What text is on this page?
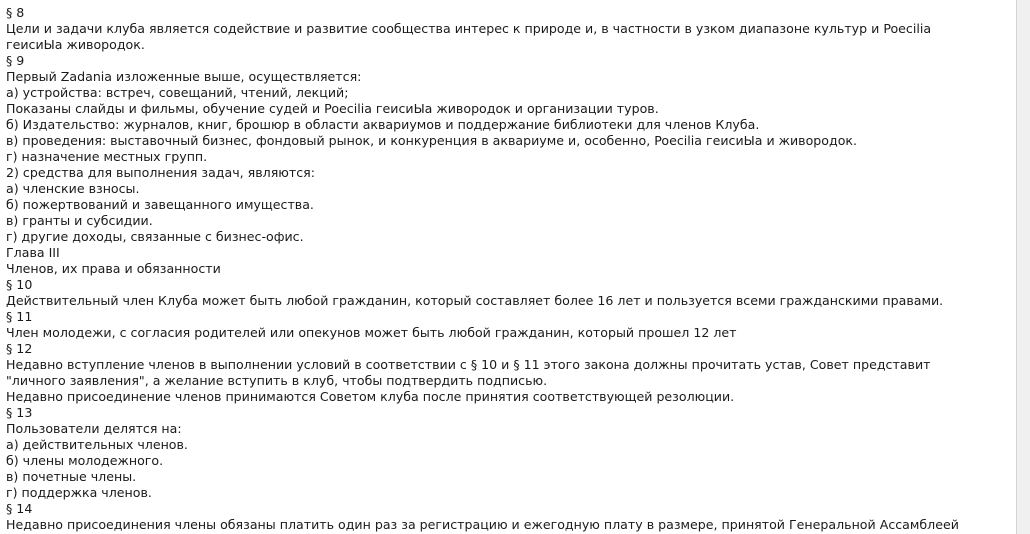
§ 8
Цели и задачи клуба является содействие и развитие сообщества интерес к природе и, в частности в узком диапазоне культур и Poecilia
геисиЫа живородок.
§ 9
Первый Zadania изложенные выше, осуществляется:
а) устройства: встреч, совещаний, чтений, лекций;
Показаны слайды и фильмы, обучение судей и Poecilia геисиЫа живородок и организации туров.
б) Издательство: журналов, книг, брошюр в области аквариумов и поддержание библиотеки для членов Клуба.
в) проведения: выставочный бизнес, фондовый рынок, и конкуренция в аквариуме и, особенно, Poecilia геисиЫа и живородок.
г) назначение местных групп.
2) средства для выполнения задач, являются:
а) членские взносы.
б) пожертвований и завещанного имущества.
в) гранты и субсидии.
г) другие доходы, связанные с бизнес-офис.
Глава III
Членов, их права и обязанности
§ 10
Действительный член Клуба может быть любой гражданин, который составляет более 16 лет и пользуется всеми гражданскими правами.
§ 11
Член молодежи, с согласия родителей или опекунов может быть любой гражданин, который прошел 12 лет
§ 12
Недавно вступление членов в выполнении условий в соответствии с § 10 и § 11 этого закона должны прочитать устав, Совет представит
"личного заявления", а желание вступить в клуб, чтобы подтвердить подписью.
Недавно присоединение членов принимаются Советом клуба после принятия соответствующей резолюции.
§ 13
Пользователи делятся на:
а) действительных членов.
б) члены молодежного.
в) почетные члены.
г) поддержка членов.
§ 14
Недавно присоединения члены обязаны платить один раз за регистрацию и ежегодную плату в размере, принятой Генеральной Ассамблеей
